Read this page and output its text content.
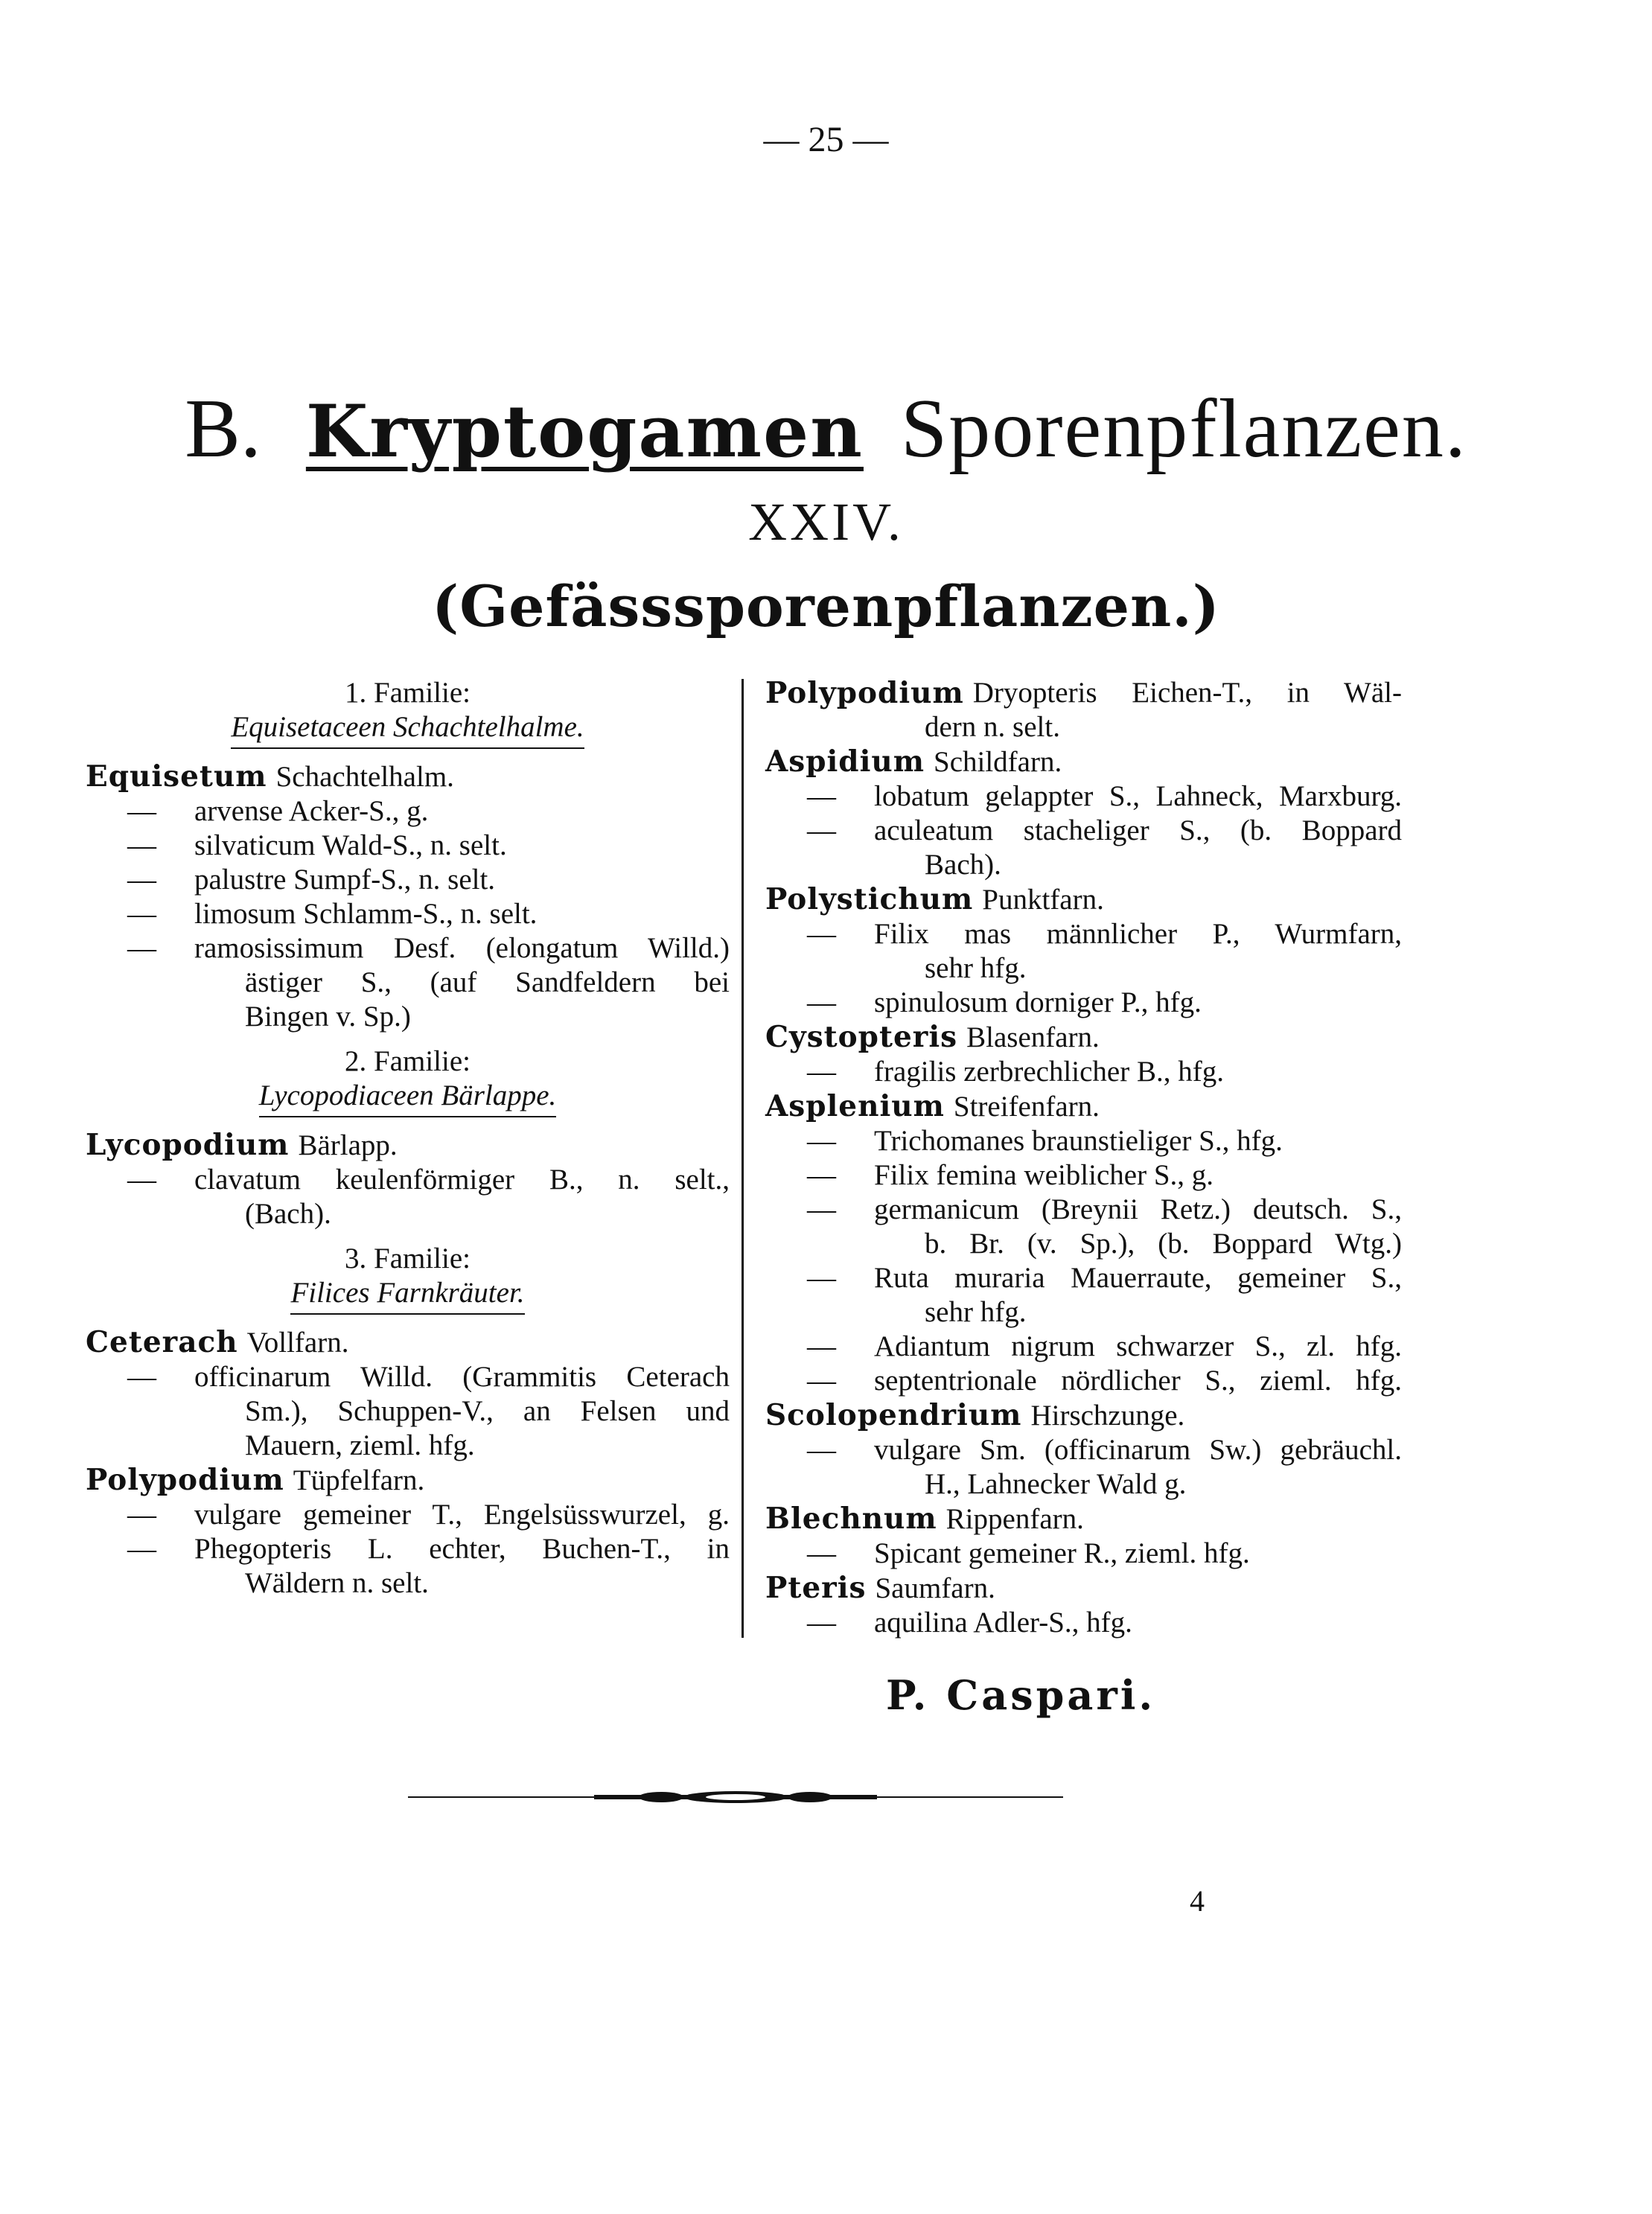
— 25 —
B. Kryptogamen Sporenpflanzen.
XXIV.
(Gefässsporenpflanzen.)

1. Familie:

Equisetaceen Schachtelhalme.

Equisetum Schachtelhalm.

—	arvense Acker-S., g.
—	silvaticum Wald-S., n. selt.
—	palustre Sumpf-S., n. selt.
—	limosum Schlamm-S., n. selt.
—	ramosissimum Desf. (elongatum Willd.)

ästiger S., (auf Sandfeldern bei

Bingen v. Sp.)

2. Familie:

Lycopodiaceen Bärlappe.

Lycopodium Bärlapp.

—	clavatum keulenförmiger B., n. selt.,

(Bach).

3. Familie:

Filices Farnkräuter.

Ceterach Vollfarn.

—	officinarum Willd. (Grammitis Ceterach

Sm.), Schuppen-V., an Felsen und

Mauern, zieml. hfg.

Polypodium Tüpfelfarn.

—	vulgare gemeiner T., Engelsüsswurzel, g.
—	Phegopteris L. echter, Buchen-T., in

Wäldern n. selt.

Polypodium Dryopteris Eichen-T., in Wäl-

dern n. selt.

Aspidium Schildfarn.

—	lobatum gelappter S., Lahneck, Marxburg.
—	aculeatum stacheliger S., (b. Boppard

Bach).

Polystichum Punktfarn.

—	Filix mas männlicher P., Wurmfarn,

sehr hfg.

—	spinulosum dorniger P., hfg.

Cystopteris Blasenfarn.

—	fragilis zerbrechlicher B., hfg.

Asplenium Streifenfarn.

—	Trichomanes braunstieliger S., hfg.
—	Filix femina weiblicher S., g.
—	germanicum (Breynii Retz.) deutsch. S.,

b. Br. (v. Sp.), (b. Boppard Wtg.)

—	Ruta muraria Mauerraute, gemeiner S.,

sehr hfg.

—	Adiantum nigrum schwarzer S., zl. hfg.
—	septentrionale nördlicher S., zieml. hfg.

Scolopendrium Hirschzunge.

—	vulgare Sm. (officinarum Sw.) gebräuchl.

H., Lahnecker Wald g.

Blechnum Rippenfarn.

—	Spicant gemeiner R., zieml. hfg.

Pteris Saumfarn.

—	aquilina Adler-S., hfg.
P. Caspari.
4
